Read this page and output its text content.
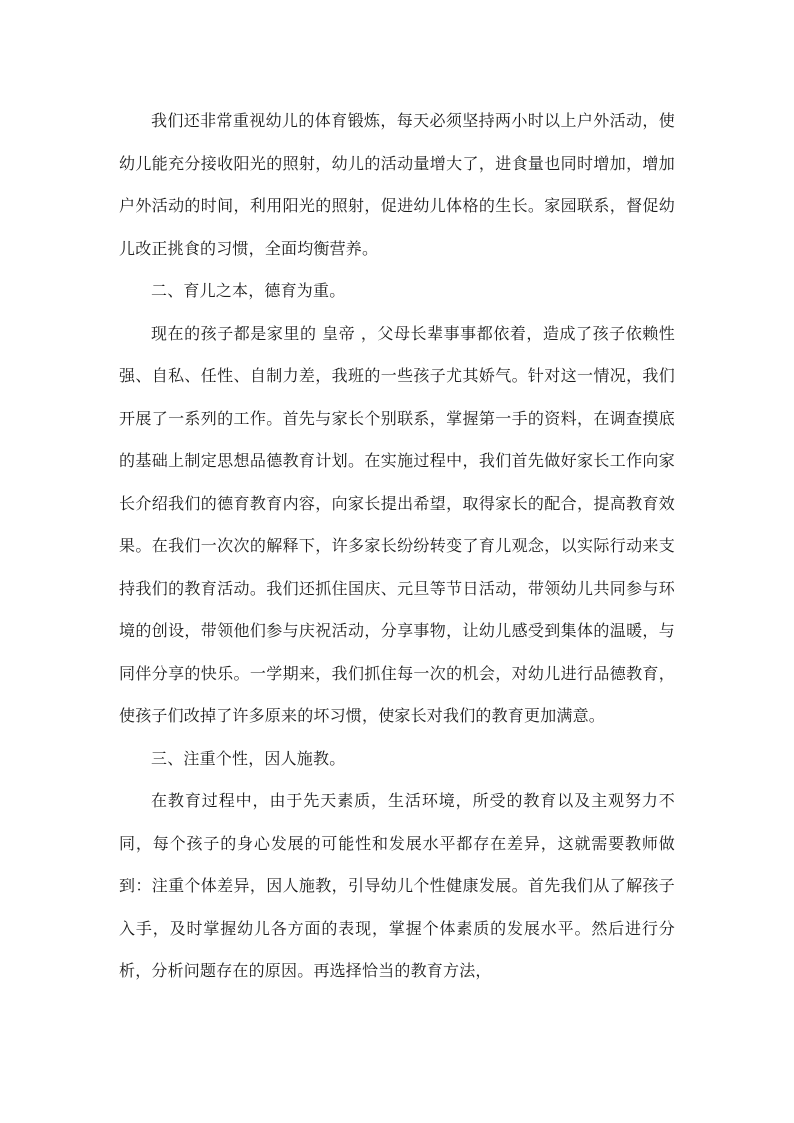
我们还非常重视幼儿的体育锻炼，每天必须坚持两小时以上户外活动，使幼儿能充分接收阳光的照射，幼儿的活动量增大了，进食量也同时增加，增加户外活动的时间，利用阳光的照射，促进幼儿体格的生长。家园联系，督促幼儿改正挑食的习惯，全面均衡营养。

二、育儿之本，德育为重。

现在的孩子都是家里的 皇帝 ，父母长辈事事都依着，造成了孩子依赖性强、自私、任性、自制力差，我班的一些孩子尤其娇气。针对这一情况，我们开展了一系列的工作。首先与家长个别联系，掌握第一手的资料，在调查摸底的基础上制定思想品德教育计划。在实施过程中，我们首先做好家长工作向家长介绍我们的德育教育内容，向家长提出希望，取得家长的配合，提高教育效果。在我们一次次的解释下，许多家长纷纷转变了育儿观念，以实际行动来支持我们的教育活动。我们还抓住国庆、元旦等节日活动，带领幼儿共同参与环境的创设，带领他们参与庆祝活动，分享事物，让幼儿感受到集体的温暖，与同伴分享的快乐。一学期来，我们抓住每一次的机会，对幼儿进行品德教育，使孩子们改掉了许多原来的坏习惯，使家长对我们的教育更加满意。

三、注重个性，因人施教。

在教育过程中，由于先天素质，生活环境，所受的教育以及主观努力不同，每个孩子的身心发展的可能性和发展水平都存在差异，这就需要教师做到：注重个体差异，因人施教，引导幼儿个性健康发展。首先我们从了解孩子入手，及时掌握幼儿各方面的表现，掌握个体素质的发展水平。然后进行分析，分析问题存在的原因。再选择恰当的教育方法，
